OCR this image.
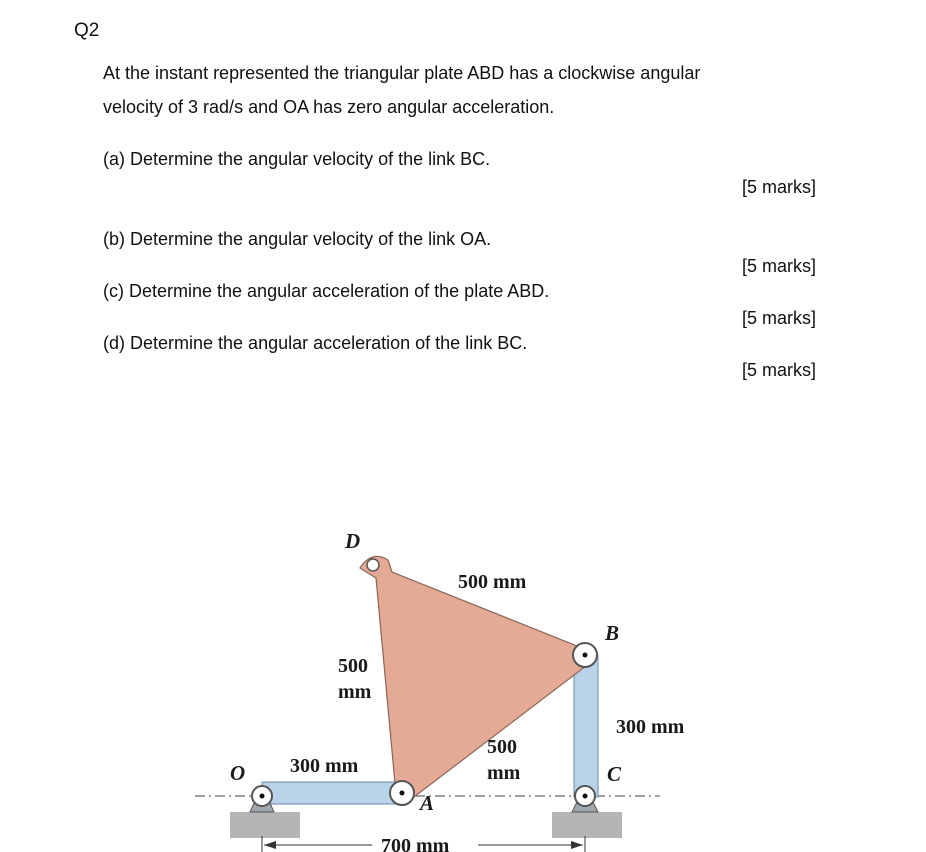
Q2
At the instant represented the triangular plate ABD has a clockwise angular
velocity of 3 rad/s and OA has zero angular acceleration.
(a) Determine the angular velocity of the link BC.
[5 marks]
(b) Determine the angular velocity of the link OA.
[5 marks]
(c) Determine the angular acceleration of the plate ABD.
[5 marks]
(d) Determine the angular acceleration of the link BC.
[5 marks]
D
B
O
A
C
500 mm
500
mm
500
mm
300 mm
300 mm
700 mm
